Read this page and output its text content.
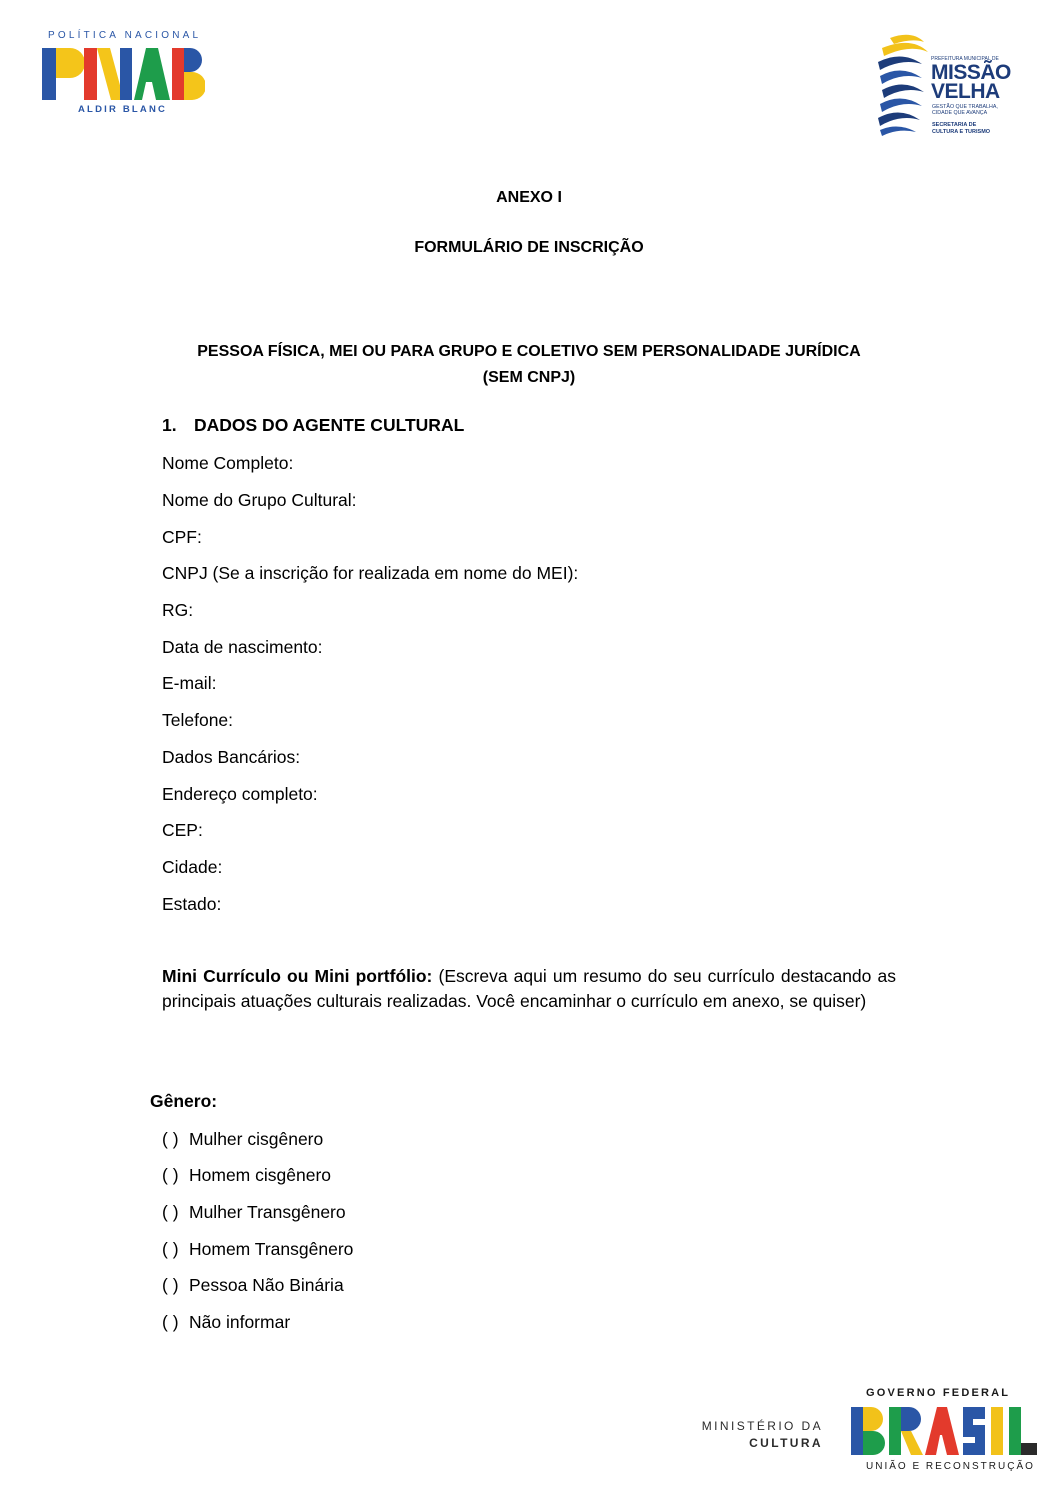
POLÍTICA NACIONAL
ALDIR BLANC
PREFEITURA MUNICIPAL DE
MISSÃO
VELHA
GESTÃO QUE TRABALHA,
CIDADE QUE AVANÇA
SECRETARIA DE
CULTURA E TURISMO
ANEXO I
FORMULÁRIO DE INSCRIÇÃO
PESSOA FÍSICA, MEI OU PARA GRUPO E COLETIVO SEM PERSONALIDADE JURÍDICA
(SEM CNPJ)
1. DADOS DO AGENTE CULTURAL
Nome Completo:
Nome do Grupo Cultural:
CPF:
CNPJ (Se a inscrição for realizada em nome do MEI):
RG:
Data de nascimento:
E-mail:
Telefone:
Dados Bancários:
Endereço completo:
CEP:
Cidade:
Estado:
Mini Currículo ou Mini portfólio: (Escreva aqui um resumo do seu currículo destacando as principais atuações culturais realizadas. Você encaminhar o currículo em anexo, se quiser)
Gênero:
( ) Mulher cisgênero
( ) Homem cisgênero
( ) Mulher Transgênero
( ) Homem Transgênero
( ) Pessoa Não Binária
( ) Não informar
MINISTÉRIO DA
CULTURA
GOVERNO FEDERAL
UNIÃO E RECONSTRUÇÃO
